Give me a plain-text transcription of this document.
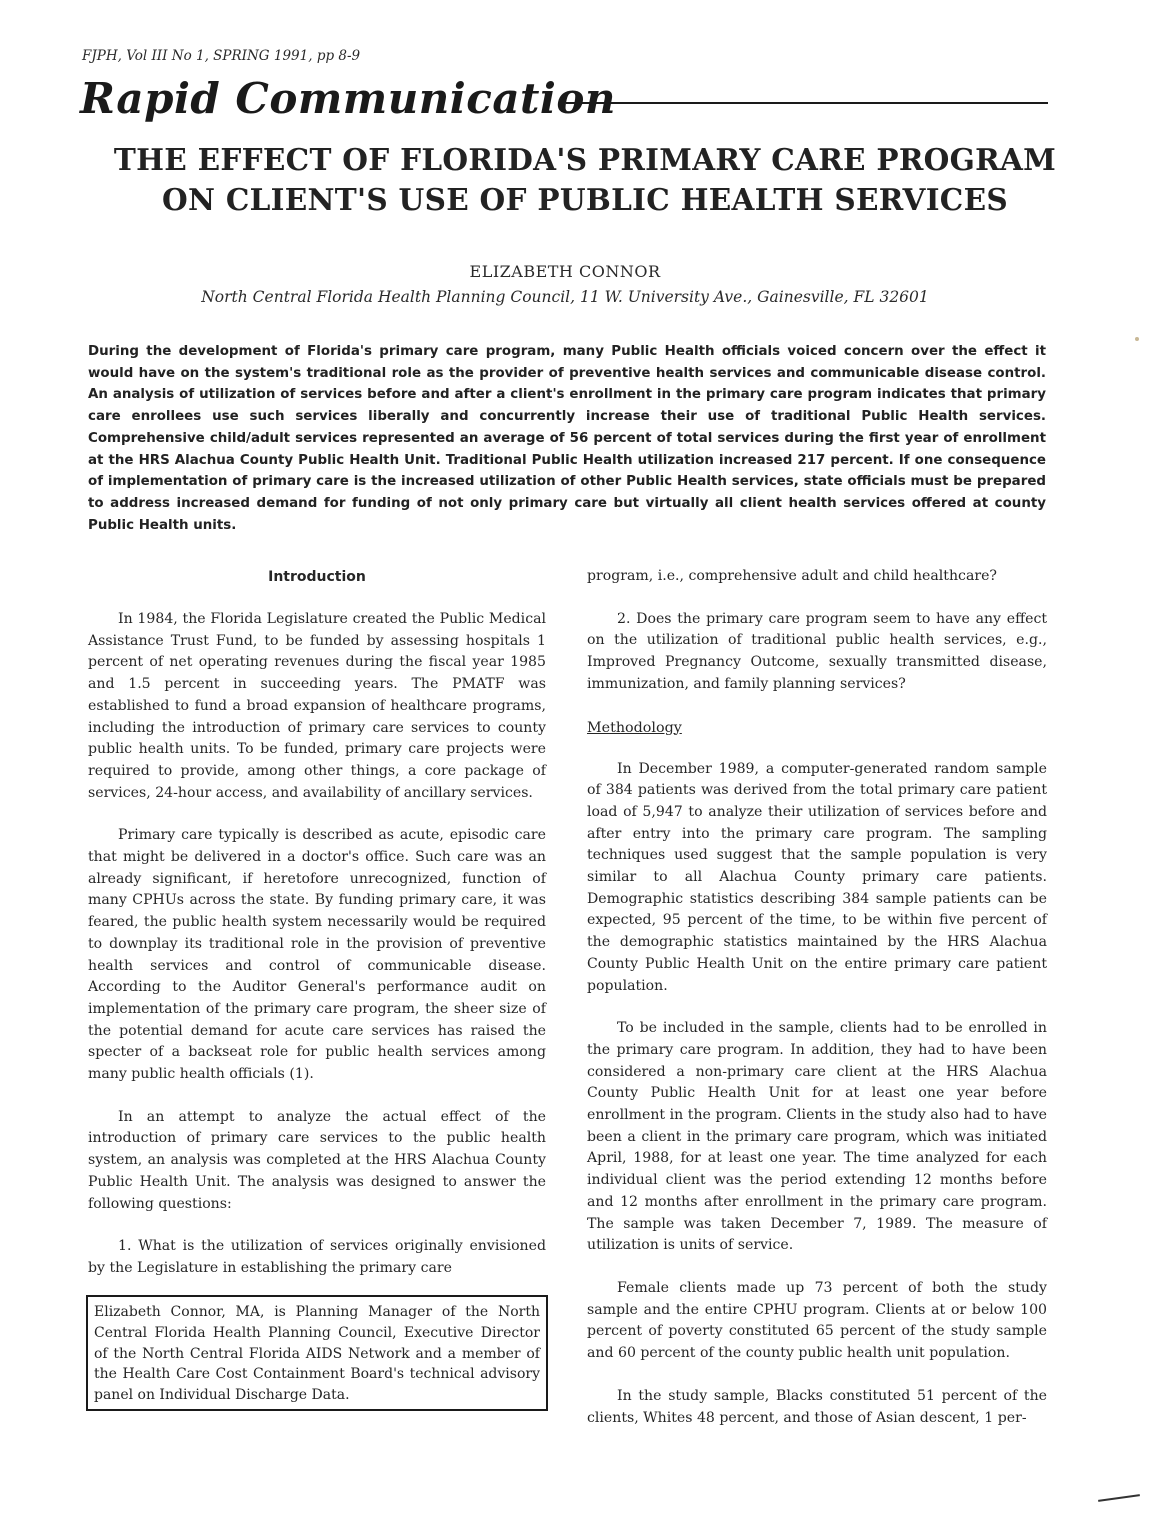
FJPH, Vol III No 1, SPRING 1991, pp 8-9
Rapid Communication
THE EFFECT OF FLORIDA'S PRIMARY CARE PROGRAM ON CLIENT'S USE OF PUBLIC HEALTH SERVICES
ELIZABETH CONNOR
North Central Florida Health Planning Council, 11 W. University Ave., Gainesville, FL 32601

During the development of Florida's primary care program, many Public Health officials voiced concern over the effect it would have on the system's traditional role as the provider of preventive health services and communicable disease control. An analysis of utilization of services before and after a client's enrollment in the primary care program indicates that primary care enrollees use such services liberally and concurrently increase their use of traditional Public Health services. Comprehensive child/adult services represented an average of 56 percent of total services during the first year of enrollment at the HRS Alachua County Public Health Unit. Traditional Public Health utilization increased 217 percent. If one consequence of implementation of primary care is the increased utilization of other Public Health services, state officials must be prepared to address increased demand for funding of not only primary care but virtually all client health services offered at county Public Health units.

Introduction

In 1984, the Florida Legislature created the Public Medical Assistance Trust Fund, to be funded by assessing hospitals 1 percent of net operating revenues during the fiscal year 1985 and 1.5 percent in succeeding years. The PMATF was established to fund a broad expansion of healthcare programs, including the introduction of primary care services to county public health units. To be funded, primary care projects were required to provide, among other things, a core package of services, 24-hour access, and availability of ancillary services.

Primary care typically is described as acute, episodic care that might be delivered in a doctor's office. Such care was an already significant, if heretofore unrecognized, function of many CPHUs across the state. By funding primary care, it was feared, the public health system necessarily would be required to downplay its traditional role in the provision of preventive health services and control of communicable disease. According to the Auditor General's performance audit on implementation of the primary care program, the sheer size of the potential demand for acute care services has raised the specter of a backseat role for public health services among many public health officials (1).

In an attempt to analyze the actual effect of the introduction of primary care services to the public health system, an analysis was completed at the HRS Alachua County Public Health Unit. The analysis was designed to answer the following questions:

1. What is the utilization of services originally envisioned by the Legislature in establishing the primary care

program, i.e., comprehensive adult and child healthcare?

2. Does the primary care program seem to have any effect on the utilization of traditional public health services, e.g., Improved Pregnancy Outcome, sexually transmitted disease, immunization, and family planning services?

Methodology

In December 1989, a computer-generated random sample of 384 patients was derived from the total primary care patient load of 5,947 to analyze their utilization of services before and after entry into the primary care program. The sampling techniques used suggest that the sample population is very similar to all Alachua County primary care patients. Demographic statistics describing 384 sample patients can be expected, 95 percent of the time, to be within five percent of the demographic statistics maintained by the HRS Alachua County Public Health Unit on the entire primary care patient population.

To be included in the sample, clients had to be enrolled in the primary care program. In addition, they had to have been considered a non-primary care client at the HRS Alachua County Public Health Unit for at least one year before enrollment in the program. Clients in the study also had to have been a client in the primary care program, which was initiated April, 1988, for at least one year. The time analyzed for each individual client was the period extending 12 months before and 12 months after enrollment in the primary care program. The sample was taken December 7, 1989. The measure of utilization is units of service.

Female clients made up 73 percent of both the study sample and the entire CPHU program. Clients at or below 100 percent of poverty constituted 65 percent of the study sample and 60 percent of the county public health unit population.

In the study sample, Blacks constituted 51 percent of the clients, Whites 48 percent, and those of Asian descent, 1 per-

Elizabeth Connor, MA, is Planning Manager of the North Central Florida Health Planning Council, Executive Director of the North Central Florida AIDS Network and a member of the Health Care Cost Containment Board's technical advisory panel on Individual Discharge Data.
